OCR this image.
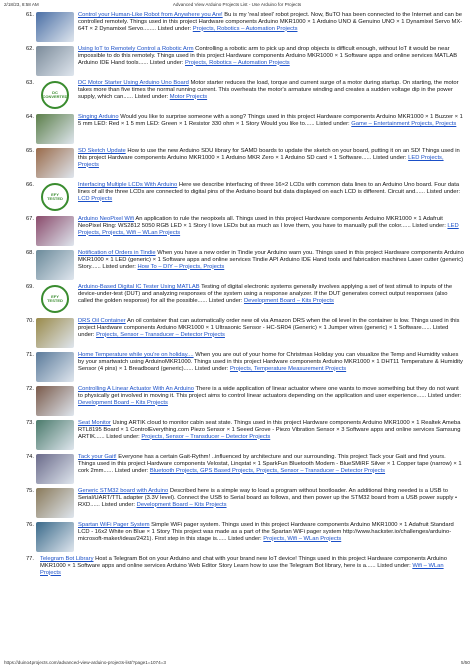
2/18/23, 8:58 AM	Advanced View Arduino Projects List - Use Arduino for Projects
61.	Control your Human-Like Robot from Anywhere you Are! Bu is my 'real steel' robot project. Now, BuTO has been connected to the Internet and can be controlled remotely. Things used in this project Hardware components Arduino MKR1000 × 1 Arduino UNO & Genuino UNO × 1 Dynamixel Servo MX-64T × 2 Dynamixel Servo........ Listed under: Projects, Robotics – Automation Projects
62.	Using IoT to Remotely Control a Robotic Arm Controlling a robotic arm to pick up and drop objects is difficult enough, without IoT it would be near impossible to do this remotely. Things used in this project Hardware components Arduino MKR1000 × 1 Software apps and online services MATLAB Arduino IDE Hand tools...... Listed under: Projects, Robotics – Automation Projects
63.
DC CONVERTED
DC Motor Starter Using Arduino Uno Board Motor starter reduces the load, torque and current surge of a motor during startup. On starting, the motor takes more than five times the normal running current. This overheats the motor's armature winding and creates a sudden voltage dip in the power supply, which can...... Listed under: Motor Projects
64.	Singing Arduino Would you like to surprise someone with a song? Things used in this project Hardware components Arduino MKR1000 × 1 Buzzer × 1 5 mm LED: Red × 1 5 mm LED: Green × 1 Resistor 330 ohm × 1 Story Would you like to...... Listed under: Game – Entertainment Projects, Projects
65.	SD Sketch Update How to use the new Arduino SDU library for SAMD boards to update the sketch on your board, putting it on an SD! Things used in this project Hardware components Arduino MKR1000 × 1 Arduino MKR Zero × 1 Arduino SD card × 1 Software...... Listed under: LED Projects, Projects
66.
EFY TESTED
Interfacing Multiple LCDs With Arduino Here we describe interfacing of three 16×2 LCDs with common data lines to an Arduino Uno board. Four data lines of all the three LCDs are connected to digital pins of the Arduino board but data displayed on each LCD is different. Circuit and...... Listed under: LCD Projects
67.	Arduino NeoPixel Wifi An application to rule the neopixels all. Things used in this project Hardware components Arduino MKR1000 × 1 Adafruit NeoPixel Ring: WS2812 5050 RGB LED × 1 Story I love LEDs but as much as I love them, you have to manually pull the color...... Listed under: LED Projects, Projects, Wifi – WLan Projects
68.	Notification of Orders in Tindie When you have a new order in Tindie your Arduino warn you. Things used in this project Hardware components Arduino MKR1000 × 1 LED (generic) × 1 Software apps and online services Tindie API Arduino IDE Hand tools and fabrication machines Laser cutter (generic) Story...... Listed under: How To – DIY – Projects, Projects
69.
EFY TESTED
Arduino-Based Digital IC Tester Using MATLAB Testing of digital electronic systems generally involves applying a set of test stimuli to inputs of the device-under-test (DUT) and analyzing responses of the system using a response analyzer. If the DUT generates correct output responses (also called the golden response) for all the possible...... Listed under: Development Board – Kits Projects
70.	DRS Oil Container An oil container that can automatically order new oil via Amazon DRS when the oil level in the container is low. Things used in this project Hardware components Arduino MKR1000 × 1 Ultrasonic Sensor - HC-SR04 (Generic) × 1 Jumper wires (generic) × 1 Software...... Listed under: Projects, Sensor – Transducer – Detector Projects
71.	Home Temperature while you're on holiday.... When you are out of your home for Christmas Holiday you can visualize the Temp and Humidity values by your smartwatch using ArduinoMKR1000. Things used in this project Hardware components Arduino MKR1000 × 1 DHT11 Temperature & Humidity Sensor (4 pins) × 1 Breadboard (generic)...... Listed under: Projects, Temperature Measurement Projects
72.	Controlling A Linear Actuator With An Arduino There is a wide application of linear actuator where one wants to move something but they do not want to physically get involved in moving it. This project aims to control linear actuators depending on the application and user experience...... Listed under: Development Board – Kits Projects
73.	Seat Monitor Using ARTIK cloud to monitor cabin seat state. Things used in this project Hardware components Arduino MKR1000 × 1 Realtek Ameba RTL8195 Board × 1 ControlEverything.com Piezo Sensor × 1 Seeed Grove - Piezo Vibration Sensor × 3 Software apps and online services Samsung ARTIK...... Listed under: Projects, Sensor – Transducer – Detector Projects
74.	Tack your Gait! Everyone has a certain Gait-Rythm! ..influenced by architecture and our surrounding. This project Tack your Gait and find yours. Things used in this project Hardware components Velostat, Linqstat × 1 SparkFun Bluetooth Modem - BlueSMiRF Silver × 1 Copper tape (narrow) × 1 cork 2mm...... Listed under: Bluetooth Projects, GPS Based Projects, Projects, Sensor – Transducer – Detector Projects
75.	Generic STM32 board with Arduino Described here is a simple way to load a program without bootloader. An additional thing needed is a USB to Serial/UART/TTL adapter (3.3V level). Connect the USB to Serial board as follows, and then power up the STM32 board from a USB power supply • RXD...... Listed under: Development Board – Kits Projects
76.	Spartan WiFi Pager System Simple WiFi pager system. Things used in this project Hardware components Arduino MKR1000 × 1 Adafruit Standard LCD - 16x2 White on Blue × 1 Story This project was made as a part of the Spartan WiFi pager system http://www.hackster.io/challenges/arduino-microsoft-maker/ideas/2421). First step in this stage is...... Listed under: Projects, Wifi – WLan Projects
77.	Telegram Bot Library Host a Telegram Bot on your Arduino and chat with your brand new IoT device! Things used in this project Hardware components Arduino MKR1000 × 1 Software apps and online services Arduino Web Editor Story Learn how to use the Telegram Bot library, here is a...... Listed under: Wifi – WLan Projects
https://duino4projects.com/advanced-view-arduino-projects-list/?page1=1074=3	5/50
